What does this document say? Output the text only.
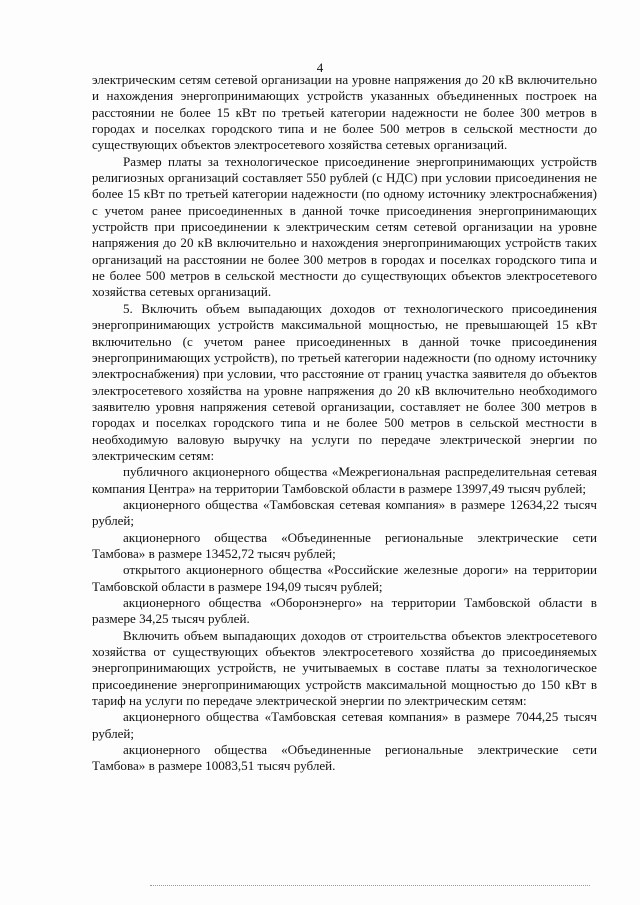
4

электрическим сетям сетевой организации на уровне напряжения до 20 кВ включительно и нахождения энергопринимающих устройств указанных объединенных построек на расстоянии не более 15 кВт по третьей категории надежности не более 300 метров в городах и поселках городского типа и не более 500 метров в сельской местности до существующих объектов электросетевого хозяйства сетевых организаций.

Размер платы за технологическое присоединение энергопринимающих устройств религиозных организаций составляет 550 рублей (с НДС) при условии присоединения не более 15 кВт по третьей категории надежности (по одному источнику электроснабжения) с учетом ранее присоединенных в данной точке присоединения энергопринимающих устройств при присоединении к электрическим сетям сетевой организации на уровне напряжения до 20 кВ включительно и нахождения энергопринимающих устройств таких организаций на расстоянии не более 300 метров в городах и поселках городского типа и не более 500 метров в сельской местности до существующих объектов электросетевого хозяйства сетевых организаций.

5. Включить объем выпадающих доходов от технологического присоединения энергопринимающих устройств максимальной мощностью, не превышающей 15 кВт включительно (с учетом ранее присоединенных в данной точке присоединения энергопринимающих устройств), по третьей категории надежности (по одному источнику электроснабжения) при условии, что расстояние от границ участка заявителя до объектов электросетевого хозяйства на уровне напряжения до 20 кВ включительно необходимого заявителю уровня напряжения сетевой организации, составляет не более 300 метров в городах и поселках городского типа и не более 500 метров в сельской местности в необходимую валовую выручку на услуги по передаче электрической энергии по электрическим сетям:

публичного акционерного общества «Межрегиональная распределительная сетевая компания Центра» на территории Тамбовской области в размере 13997,49 тысяч рублей;

акционерного общества «Тамбовская сетевая компания» в размере 12634,22 тысяч рублей;

акционерного общества «Объединенные региональные электрические сети Тамбова» в размере 13452,72 тысяч рублей;

открытого акционерного общества «Российские железные дороги» на территории Тамбовской области в размере 194,09 тысяч рублей;

акционерного общества «Оборонэнерго» на территории Тамбовской области в размере 34,25 тысяч рублей.

Включить объем выпадающих доходов от строительства объектов электросетевого хозяйства от существующих объектов электросетевого хозяйства до присоединяемых энергопринимающих устройств, не учитываемых в составе платы за технологическое присоединение энергопринимающих устройств максимальной мощностью до 150 кВт в тариф на услуги по передаче электрической энергии по электрическим сетям:

акционерного общества «Тамбовская сетевая компания» в размере 7044,25 тысяч рублей;

акционерного общества «Объединенные региональные электрические сети Тамбова» в размере 10083,51 тысяч рублей.
